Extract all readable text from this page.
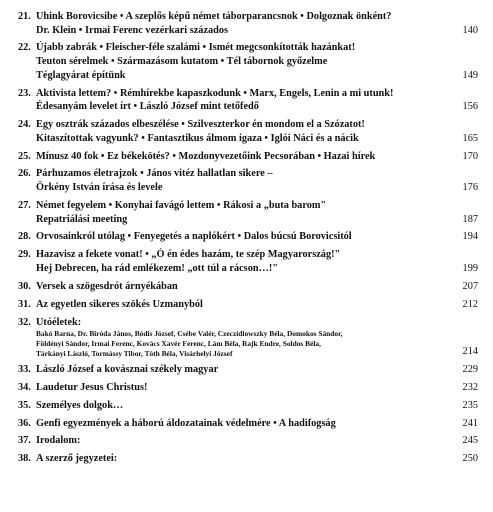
21. Uhink Borovicsibe • A szeplős képű német táborparancsnok • Dolgoznak önként?
Dr. Klein • Irmai Ferenc vezérkari százados	140
22. Újabb zabrák • Fleischer-féle szalámi • Ismét megcsonkították hazánkat!
Teuton sérelmek • Származásom kutatom • Tél tábornok győzelme
Téglagyárat építünk	149
23. Aktivista lettem? • Rémhírekbe kapaszkodunk • Marx, Engels, Lenin a mi utunk!
Édesanyám levelet írt • László József mint tetőfedő	156
24. Egy osztrák százados elbeszélése • Szilveszterkor én mondom el a Szózatot!
Kitaszítottak vagyunk? • Fantasztikus álmom igaza • Iglói Náci és a nácik	165
25. Mínusz 40 fok • Ez békekötés? • Mozdonyvezetőink Pecsorában • Hazai hírek	170
26. Párhuzamos életrajzok • János vitéz hallatlan sikere –
Örkény István írása és levele	176
27. Német fegyelem • Konyhai favágó lettem • Rákosi a „buta barom"
Repatriálási meeting	187
28. Orvosainkról utólag • Fenyegetés a naplókért • Dalos búcsú Borovicsitól	194
29. Hazavisz a fekete vonat! • „Ó én édes hazám, te szép Magyarország!"
Hej Debrecen, ha rád emlékezem! „ott túl a rácson…!"	199
30. Versek a szögesdrót árnyékában	207
31. Az egyetlen sikeres szökés Uzmanyból	212
32. Utóéletek:
Bakó Barna, Dr. Biróda János, Bódis József, Csébe Valér, Czeczidlowszky Béla, Domokos Sándor,
Földényi Sándor, Irmai Ferenc, Kovács Xavér Ferenc, Lám Béla, Rajk Endre, Soldos Béla,
Tárkányi László, Tormássy Tibor, Tóth Béla, Visárhelyi József	214
33. László József a kovásznai székely magyar	229
34. Laudetur Jesus Christus!	232
35. Személyes dolgok…	235
36. Genfi egyezmények a háború áldozatainak védelmére • A hadifogság	241
37. Irodalom:	245
38. A szerző jegyzetei:	250
